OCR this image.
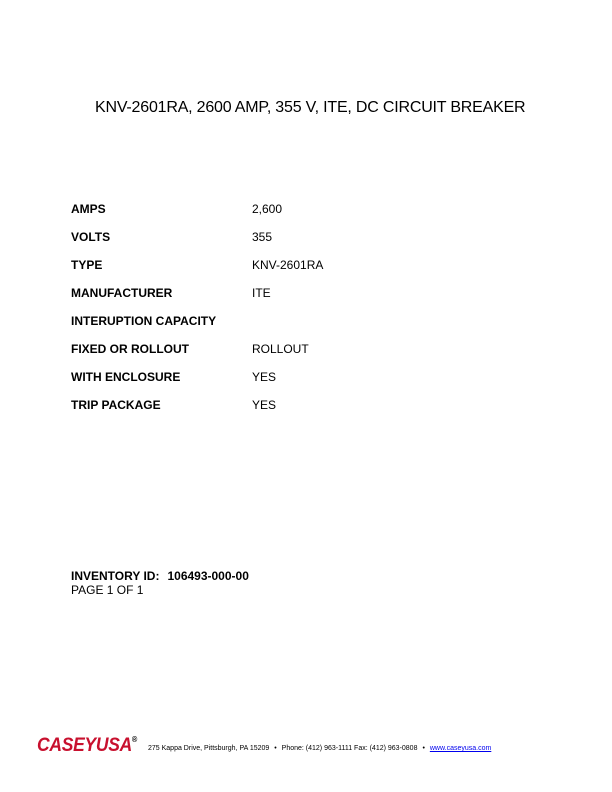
KNV-2601RA, 2600 AMP, 355 V, ITE, DC CIRCUIT BREAKER
AMPS	2,600
VOLTS	355
TYPE	KNV-2601RA
MANUFACTURER	ITE
INTERUPTION CAPACITY
FIXED OR ROLLOUT	ROLLOUT
WITH ENCLOSURE	YES
TRIP PACKAGE	YES
INVENTORY ID: 106493-000-00
PAGE 1 OF 1
CASEYUSA®
275 Kappa Drive, Pittsburgh, PA 15209 • Phone: (412) 963-1111 Fax: (412) 963-0808 • www.caseyusa.com
